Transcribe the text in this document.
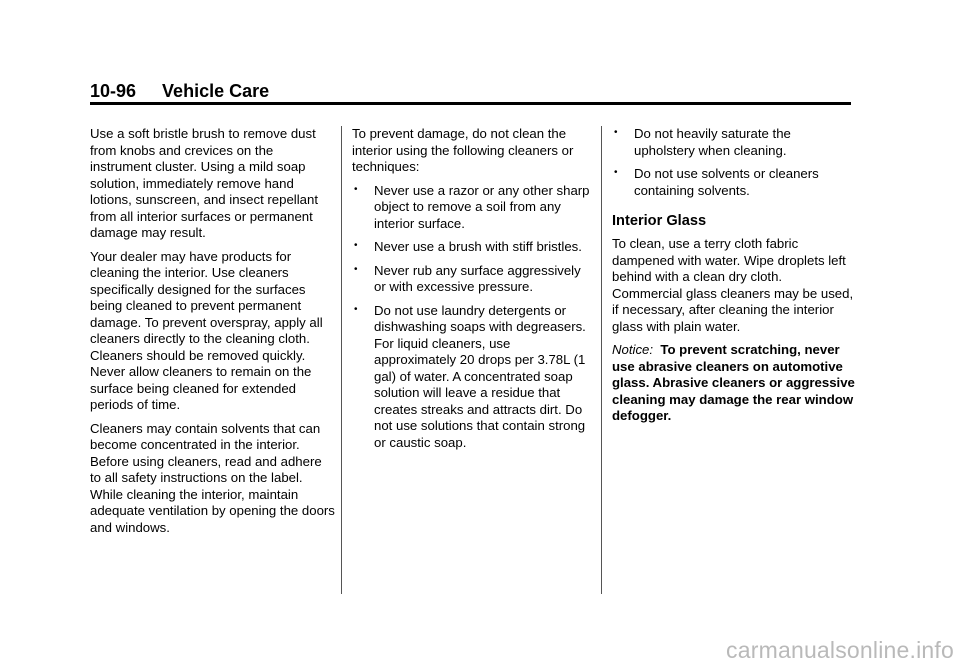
10-96 Vehicle Care

Use a soft bristle brush to remove dust from knobs and crevices on the instrument cluster. Using a mild soap solution, immediately remove hand lotions, sunscreen, and insect repellant from all interior surfaces or permanent damage may result.

Your dealer may have products for cleaning the interior. Use cleaners specifically designed for the surfaces being cleaned to prevent permanent damage. To prevent overspray, apply all cleaners directly to the cleaning cloth. Cleaners should be removed quickly. Never allow cleaners to remain on the surface being cleaned for extended periods of time.

Cleaners may contain solvents that can become concentrated in the interior. Before using cleaners, read and adhere to all safety instructions on the label. While cleaning the interior, maintain adequate ventilation by opening the doors and windows.

To prevent damage, do not clean the interior using the following cleaners or techniques:

• Never use a razor or any other sharp object to remove a soil from any interior surface.
• Never use a brush with stiff bristles.
• Never rub any surface aggressively or with excessive pressure.
• Do not use laundry detergents or dishwashing soaps with degreasers. For liquid cleaners, use approximately 20 drops per 3.78L (1 gal) of water. A concentrated soap solution will leave a residue that creates streaks and attracts dirt. Do not use solutions that contain strong or caustic soap.
• Do not heavily saturate the upholstery when cleaning.
• Do not use solvents or cleaners containing solvents.
Interior Glass

To clean, use a terry cloth fabric dampened with water. Wipe droplets left behind with a clean dry cloth. Commercial glass cleaners may be used, if necessary, after cleaning the interior glass with plain water.

Notice: To prevent scratching, never use abrasive cleaners on automotive glass. Abrasive cleaners or aggressive cleaning may damage the rear window defogger.

carmanualsonline.info
